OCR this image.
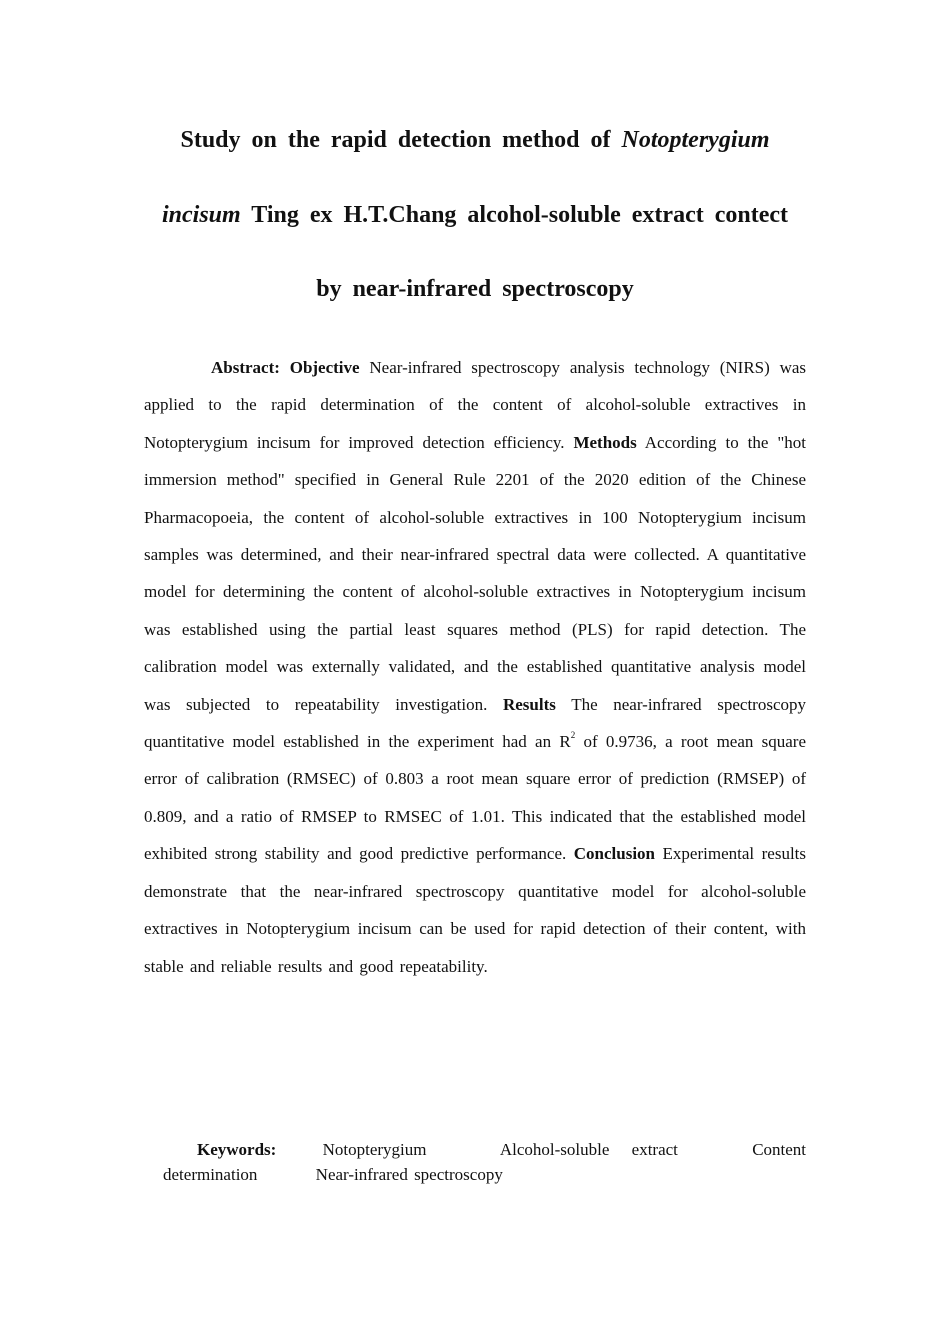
Study on the rapid detection method of Notopterygium incisum Ting ex H.T.Chang alcohol-soluble extract contect by near-infrared spectroscopy

Abstract: Objective Near-infrared spectroscopy analysis technology (NIRS) was applied to the rapid determination of the content of alcohol-soluble extractives in Notopterygium incisum for improved detection efficiency. Methods According to the "hot immersion method" specified in General Rule 2201 of the 2020 edition of the Chinese Pharmacopoeia, the content of alcohol-soluble extractives in 100 Notopterygium incisum samples was determined, and their near-infrared spectral data were collected. A quantitative model for determining the content of alcohol-soluble extractives in Notopterygium incisum was established using the partial least squares method (PLS) for rapid detection. The calibration model was externally validated, and the established quantitative analysis model was subjected to repeatability investigation. Results The near-infrared spectroscopy quantitative model established in the experiment had an $R^2$ of 0.9736, a root mean square error of calibration (RMSEC) of 0.803 a root mean square error of prediction (RMSEP) of 0.809, and a ratio of RMSEP to RMSEC of 1.01. This indicated that the established model exhibited strong stability and good predictive performance. Conclusion Experimental results demonstrate that the near-infrared spectroscopy quantitative model for alcohol-soluble extractives in Notopterygium incisum can be used for rapid detection of their content, with stable and reliable results and good repeatability.

Keywords:	Notopterygium	Alcohol-soluble extract	Content determination	Near-infrared spectroscopy
